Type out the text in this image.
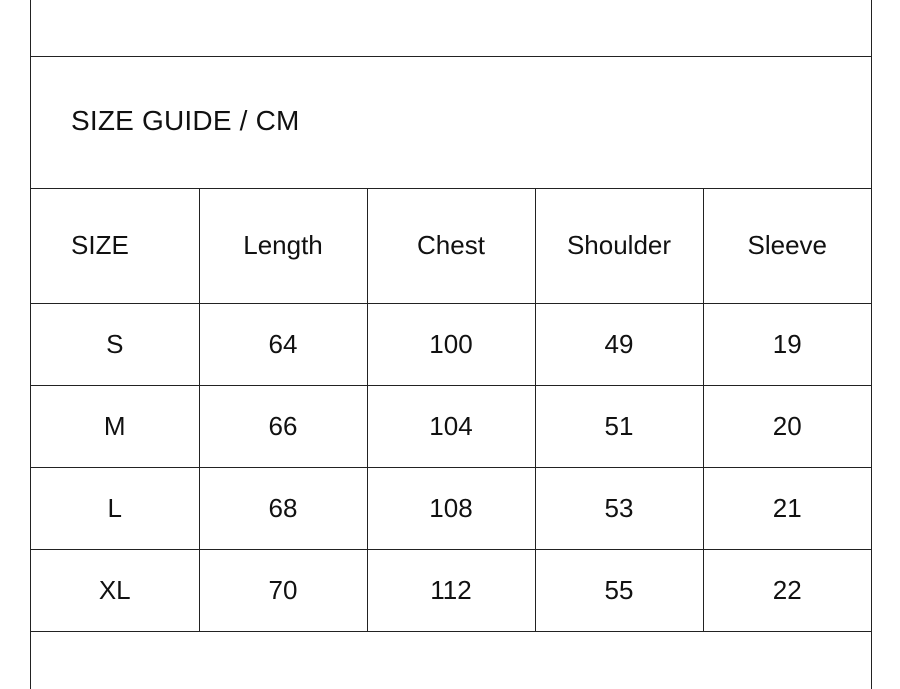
SIZE GUIDE / CM
SIZE	Length	Chest	Shoulder	Sleeve
S	64	100	49	19
M	66	104	51	20
L	68	108	53	21
XL	70	112	55	22
